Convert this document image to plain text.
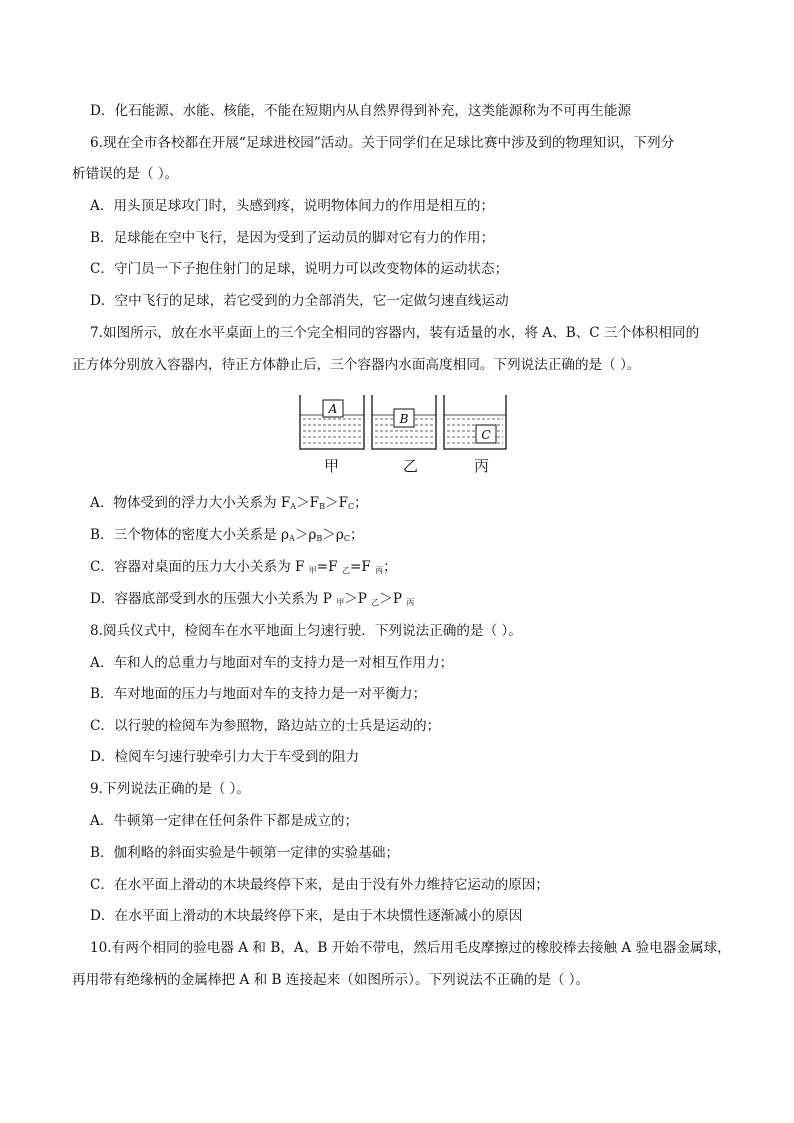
D．化石能源、水能、核能，不能在短期内从自然界得到补充，这类能源称为不可再生能源
6.现在全市各校都在开展“足球进校园”活动。关于同学们在足球比赛中涉及到的物理知识，下列分
析错误的是（ ）。
A．用头顶足球攻门时，头感到疼，说明物体间力的作用是相互的；
B．足球能在空中飞行，是因为受到了运动员的脚对它有力的作用；
C．守门员一下子抱住射门的足球，说明力可以改变物体的运动状态；
D．空中飞行的足球，若它受到的力全部消失，它一定做匀速直线运动
7.如图所示，放在水平桌面上的三个完全相同的容器内，装有适量的水，将 A、B、C 三个体积相同的
正方体分别放入容器内，待正方体静止后，三个容器内水面高度相同。下列说法正确的是（ ）。
A
B
C
甲	乙	丙
A．物体受到的浮力大小关系为 $F_A>F_B>F_C$；
B．三个物体的密度大小关系是 $\rho_A>\rho_B>\rho_C$；
C．容器对桌面的压力大小关系为 F $_甲$=F $_乙$=F $_丙$；
D．容器底部受到水的压强大小关系为 P $_甲$＞P $_乙$＞P $_丙$
8.阅兵仪式中，检阅车在水平地面上匀速行驶．下列说法正确的是（ ）。
A．车和人的总重力与地面对车的支持力是一对相互作用力；
B．车对地面的压力与地面对车的支持力是一对平衡力；
C．以行驶的检阅车为参照物，路边站立的士兵是运动的；
D．检阅车匀速行驶牵引力大于车受到的阻力
9.下列说法正确的是（ ）。
A．牛顿第一定律在任何条件下都是成立的；
B．伽利略的斜面实验是牛顿第一定律的实验基础；
C．在水平面上滑动的木块最终停下来，是由于没有外力维持它运动的原因；
D．在水平面上滑动的木块最终停下来，是由于木块惯性逐渐减小的原因
10.有两个相同的验电器 A 和 B，A、B 开始不带电，然后用毛皮摩擦过的橡胶棒去接触 A 验电器金属球，
再用带有绝缘柄的金属棒把 A 和 B 连接起来（如图所示）。下列说法不正确的是（ ）。
